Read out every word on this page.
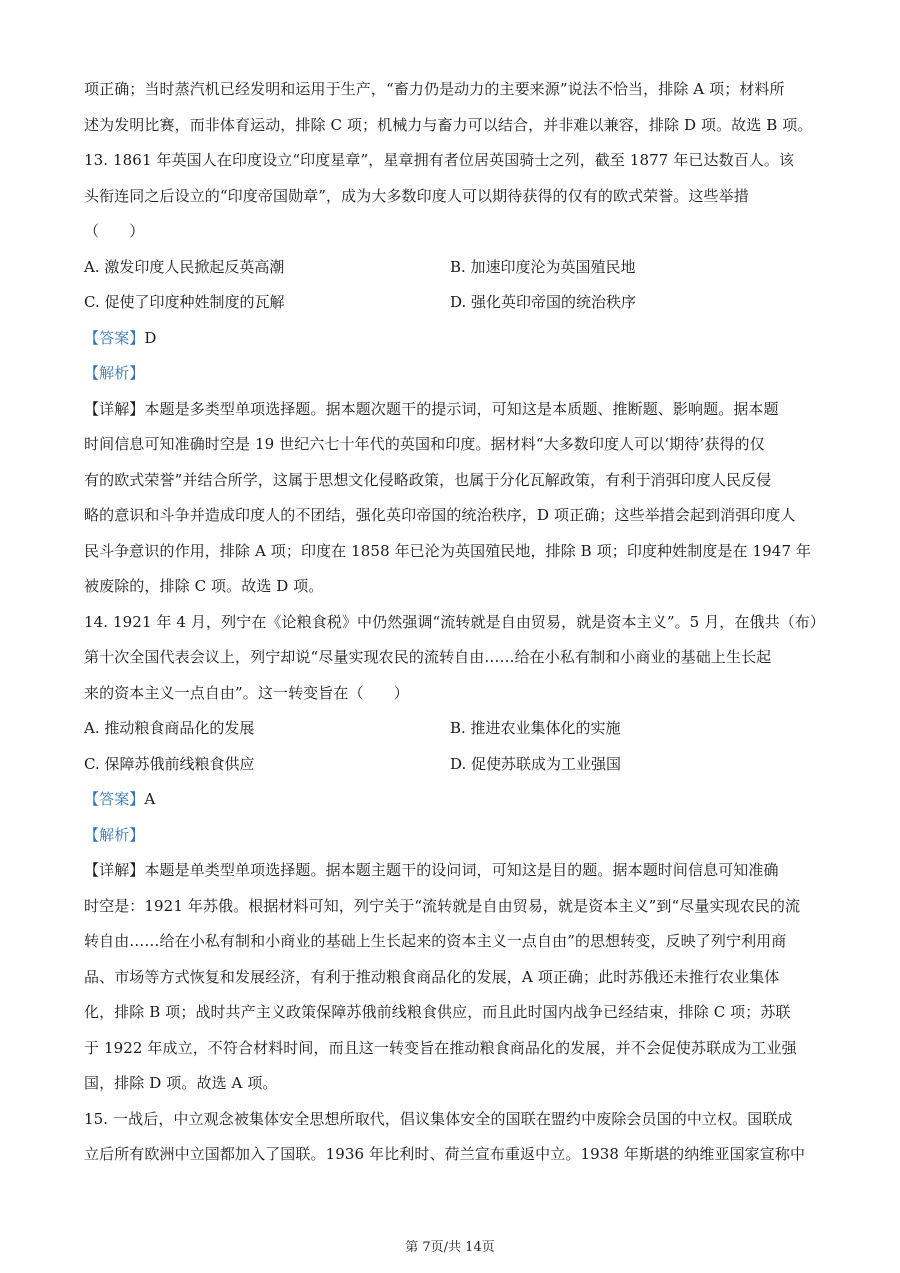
项正确；当时蒸汽机已经发明和运用于生产，“畜力仍是动力的主要来源”说法不恰当，排除 A 项；材料所
述为发明比赛，而非体育运动，排除 C 项；机械力与畜力可以结合，并非难以兼容，排除 D 项。故选 B 项。
13. 1861 年英国人在印度设立“印度星章”，星章拥有者位居英国骑士之列，截至 1877 年已达数百人。该
头衔连同之后设立的“印度帝国勋章”，成为大多数印度人可以期待获得的仅有的欧式荣誉。这些举措
（　　）
A. 激发印度人民掀起反英高潮	B. 加速印度沦为英国殖民地
C. 促使了印度种姓制度的瓦解	D. 强化英印帝国的统治秩序
【答案】D
【解析】
【详解】本题是多类型单项选择题。据本题次题干的提示词，可知这是本质题、推断题、影响题。据本题
时间信息可知准确时空是 19 世纪六七十年代的英国和印度。据材料“大多数印度人可以‘期待’获得的仅
有的欧式荣誉”并结合所学，这属于思想文化侵略政策，也属于分化瓦解政策，有利于消弭印度人民反侵
略的意识和斗争并造成印度人的不团结，强化英印帝国的统治秩序，D 项正确；这些举措会起到消弭印度人
民斗争意识的作用，排除 A 项；印度在 1858 年已沦为英国殖民地，排除 B 项；印度种姓制度是在 1947 年
被废除的，排除 C 项。故选 D 项。
14. 1921 年 4 月，列宁在《论粮食税》中仍然强调“流转就是自由贸易，就是资本主义”。5 月，在俄共（布）
第十次全国代表会议上，列宁却说“尽量实现农民的流转自由……给在小私有制和小商业的基础上生长起
来的资本主义一点自由”。这一转变旨在（　　）
A. 推动粮食商品化的发展	B. 推进农业集体化的实施
C. 保障苏俄前线粮食供应	D. 促使苏联成为工业强国
【答案】A
【解析】
【详解】本题是单类型单项选择题。据本题主题干的设问词，可知这是目的题。据本题时间信息可知准确
时空是：1921 年苏俄。根据材料可知，列宁关于“流转就是自由贸易，就是资本主义”到“尽量实现农民的流
转自由……给在小私有制和小商业的基础上生长起来的资本主义一点自由”的思想转变，反映了列宁利用商
品、市场等方式恢复和发展经济，有利于推动粮食商品化的发展，A 项正确；此时苏俄还未推行农业集体
化，排除 B 项；战时共产主义政策保障苏俄前线粮食供应，而且此时国内战争已经结束，排除 C 项；苏联
于 1922 年成立，不符合材料时间，而且这一转变旨在推动粮食商品化的发展，并不会促使苏联成为工业强
国，排除 D 项。故选 A 项。
15. 一战后，中立观念被集体安全思想所取代，倡议集体安全的国联在盟约中废除会员国的中立权。国联成
立后所有欧洲中立国都加入了国联。1936 年比利时、荷兰宣布重返中立。1938 年斯堪的纳维亚国家宣称中
第 7页/共 14页
